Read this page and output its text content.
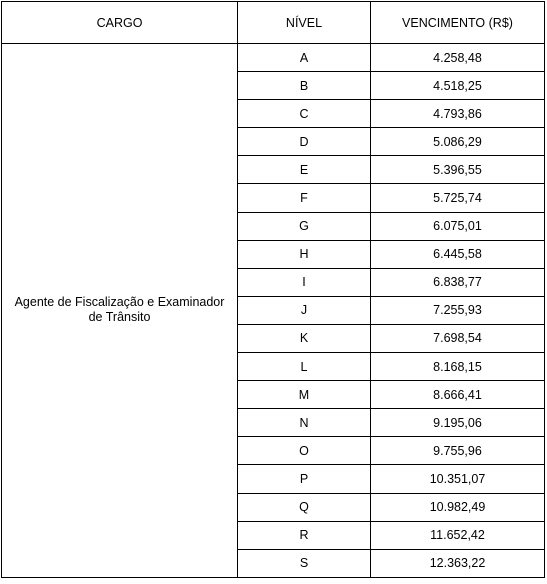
CARGO	NÍVEL	VENCIMENTO (R$)
Agente de Fiscalização e Examinador
de Trânsito	A	4.258,48
	B	4.518,25
	C	4.793,86
	D	5.086,29
	E	5.396,55
	F	5.725,74
	G	6.075,01
	H	6.445,58
	I	6.838,77
	J	7.255,93
	K	7.698,54
	L	8.168,15
	M	8.666,41
	N	9.195,06
	O	9.755,96
	P	10.351,07
	Q	10.982,49
	R	11.652,42
	S	12.363,22
